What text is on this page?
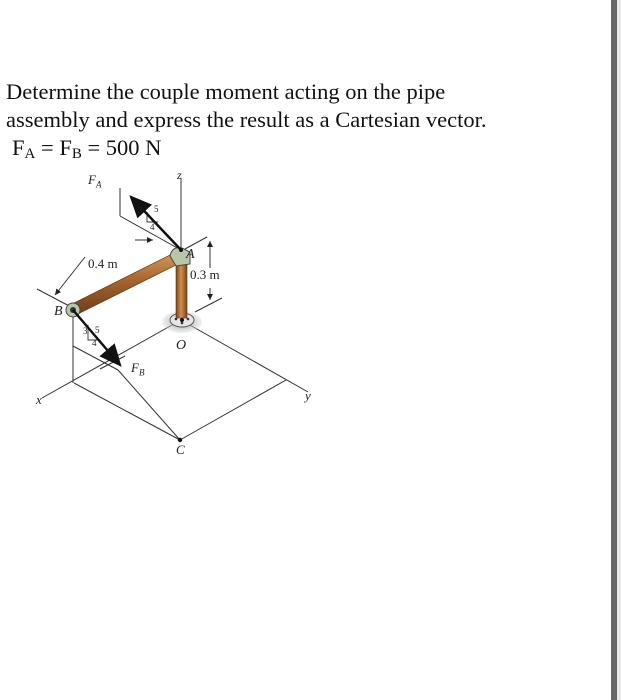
Determine the couple moment acting on the pipe
assembly and express the result as a Cartesian vector.
$F_A = F_B = 500$ N
$F_A$
z
3 5
4
A
0.4 m
0.3 m
B
3 5
4	O
$F_B$
x	y
C
